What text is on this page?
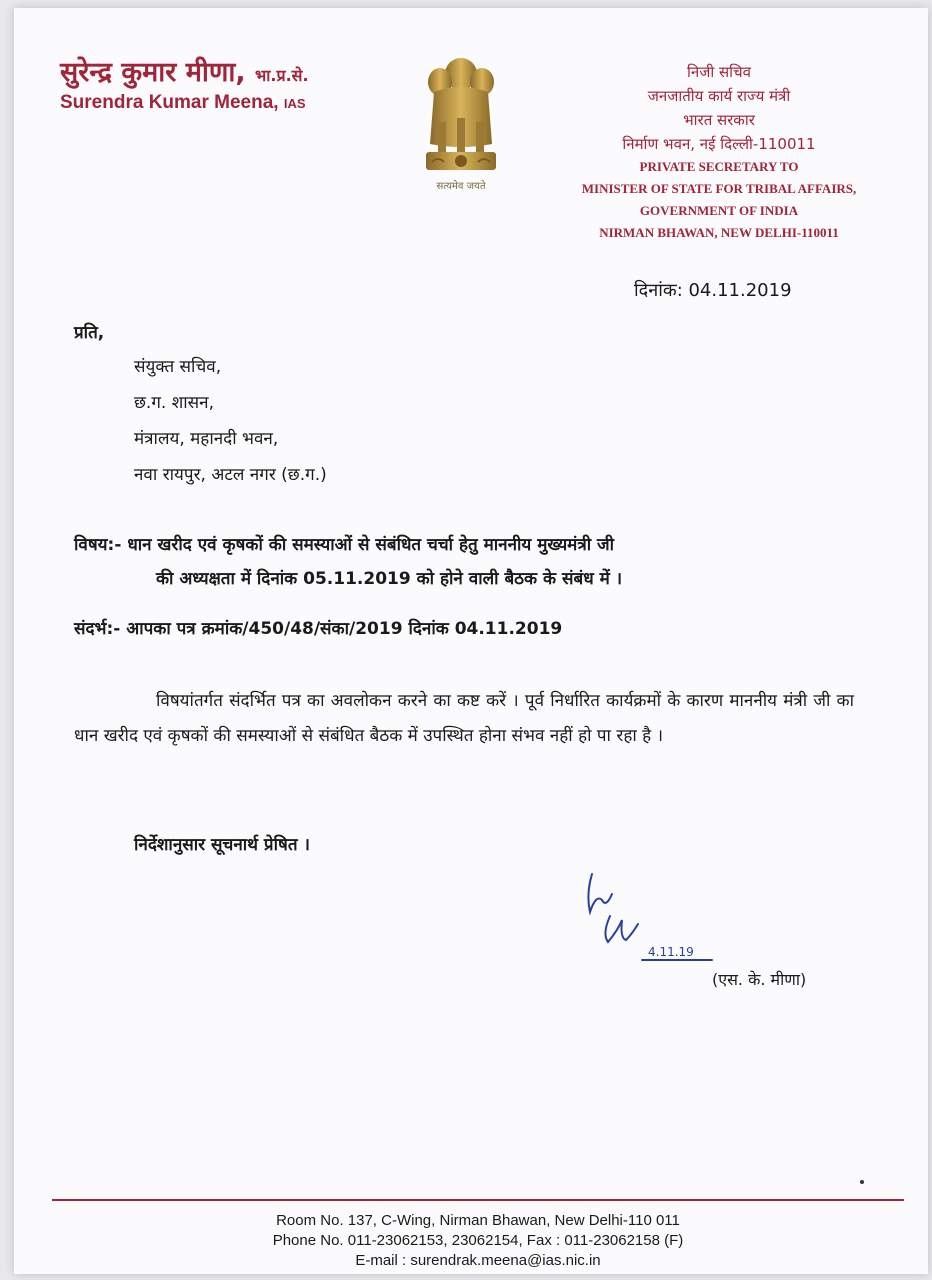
सुरेन्द्र कुमार मीणा, भा.प्र.से.
Surendra Kumar Meena, IAS
सत्यमेव जयते
निजी सचिव
जनजातीय कार्य राज्य मंत्री
भारत सरकार
निर्माण भवन, नई दिल्ली-110011
PRIVATE SECRETARY TO
MINISTER OF STATE FOR TRIBAL AFFAIRS,
GOVERNMENT OF INDIA
NIRMAN BHAWAN, NEW DELHI-110011
दिनांक: 04.11.2019
प्रति,
संयुक्त सचिव,
छ.ग. शासन,
मंत्रालय, महानदी भवन,
नवा रायपुर, अटल नगर (छ.ग.)
विषय:- धान खरीद एवं कृषकों की समस्याओं से संबंधित चर्चा हेतु माननीय मुख्यमंत्री जी
की अध्यक्षता में दिनांक 05.11.2019 को होने वाली बैठक के संबंध में ।
संदर्भ:- आपका पत्र क्रमांक/450/48/संका/2019 दिनांक 04.11.2019
विषयांतर्गत संदर्भित पत्र का अवलोकन करने का कष्ट करें । पूर्व निर्धारित कार्यक्रमों के कारण माननीय मंत्री जी का धान खरीद एवं कृषकों की समस्याओं से संबंधित बैठक में उपस्थित होना संभव नहीं हो पा रहा है ।
निर्देशानुसार सूचनार्थ प्रेषित ।
4.11.19
(एस. के. मीणा)
Room No. 137, C-Wing, Nirman Bhawan, New Delhi-110 011
Phone No. 011-23062153, 23062154, Fax : 011-23062158 (F)
E-mail : surendrak.meena@ias.nic.in
